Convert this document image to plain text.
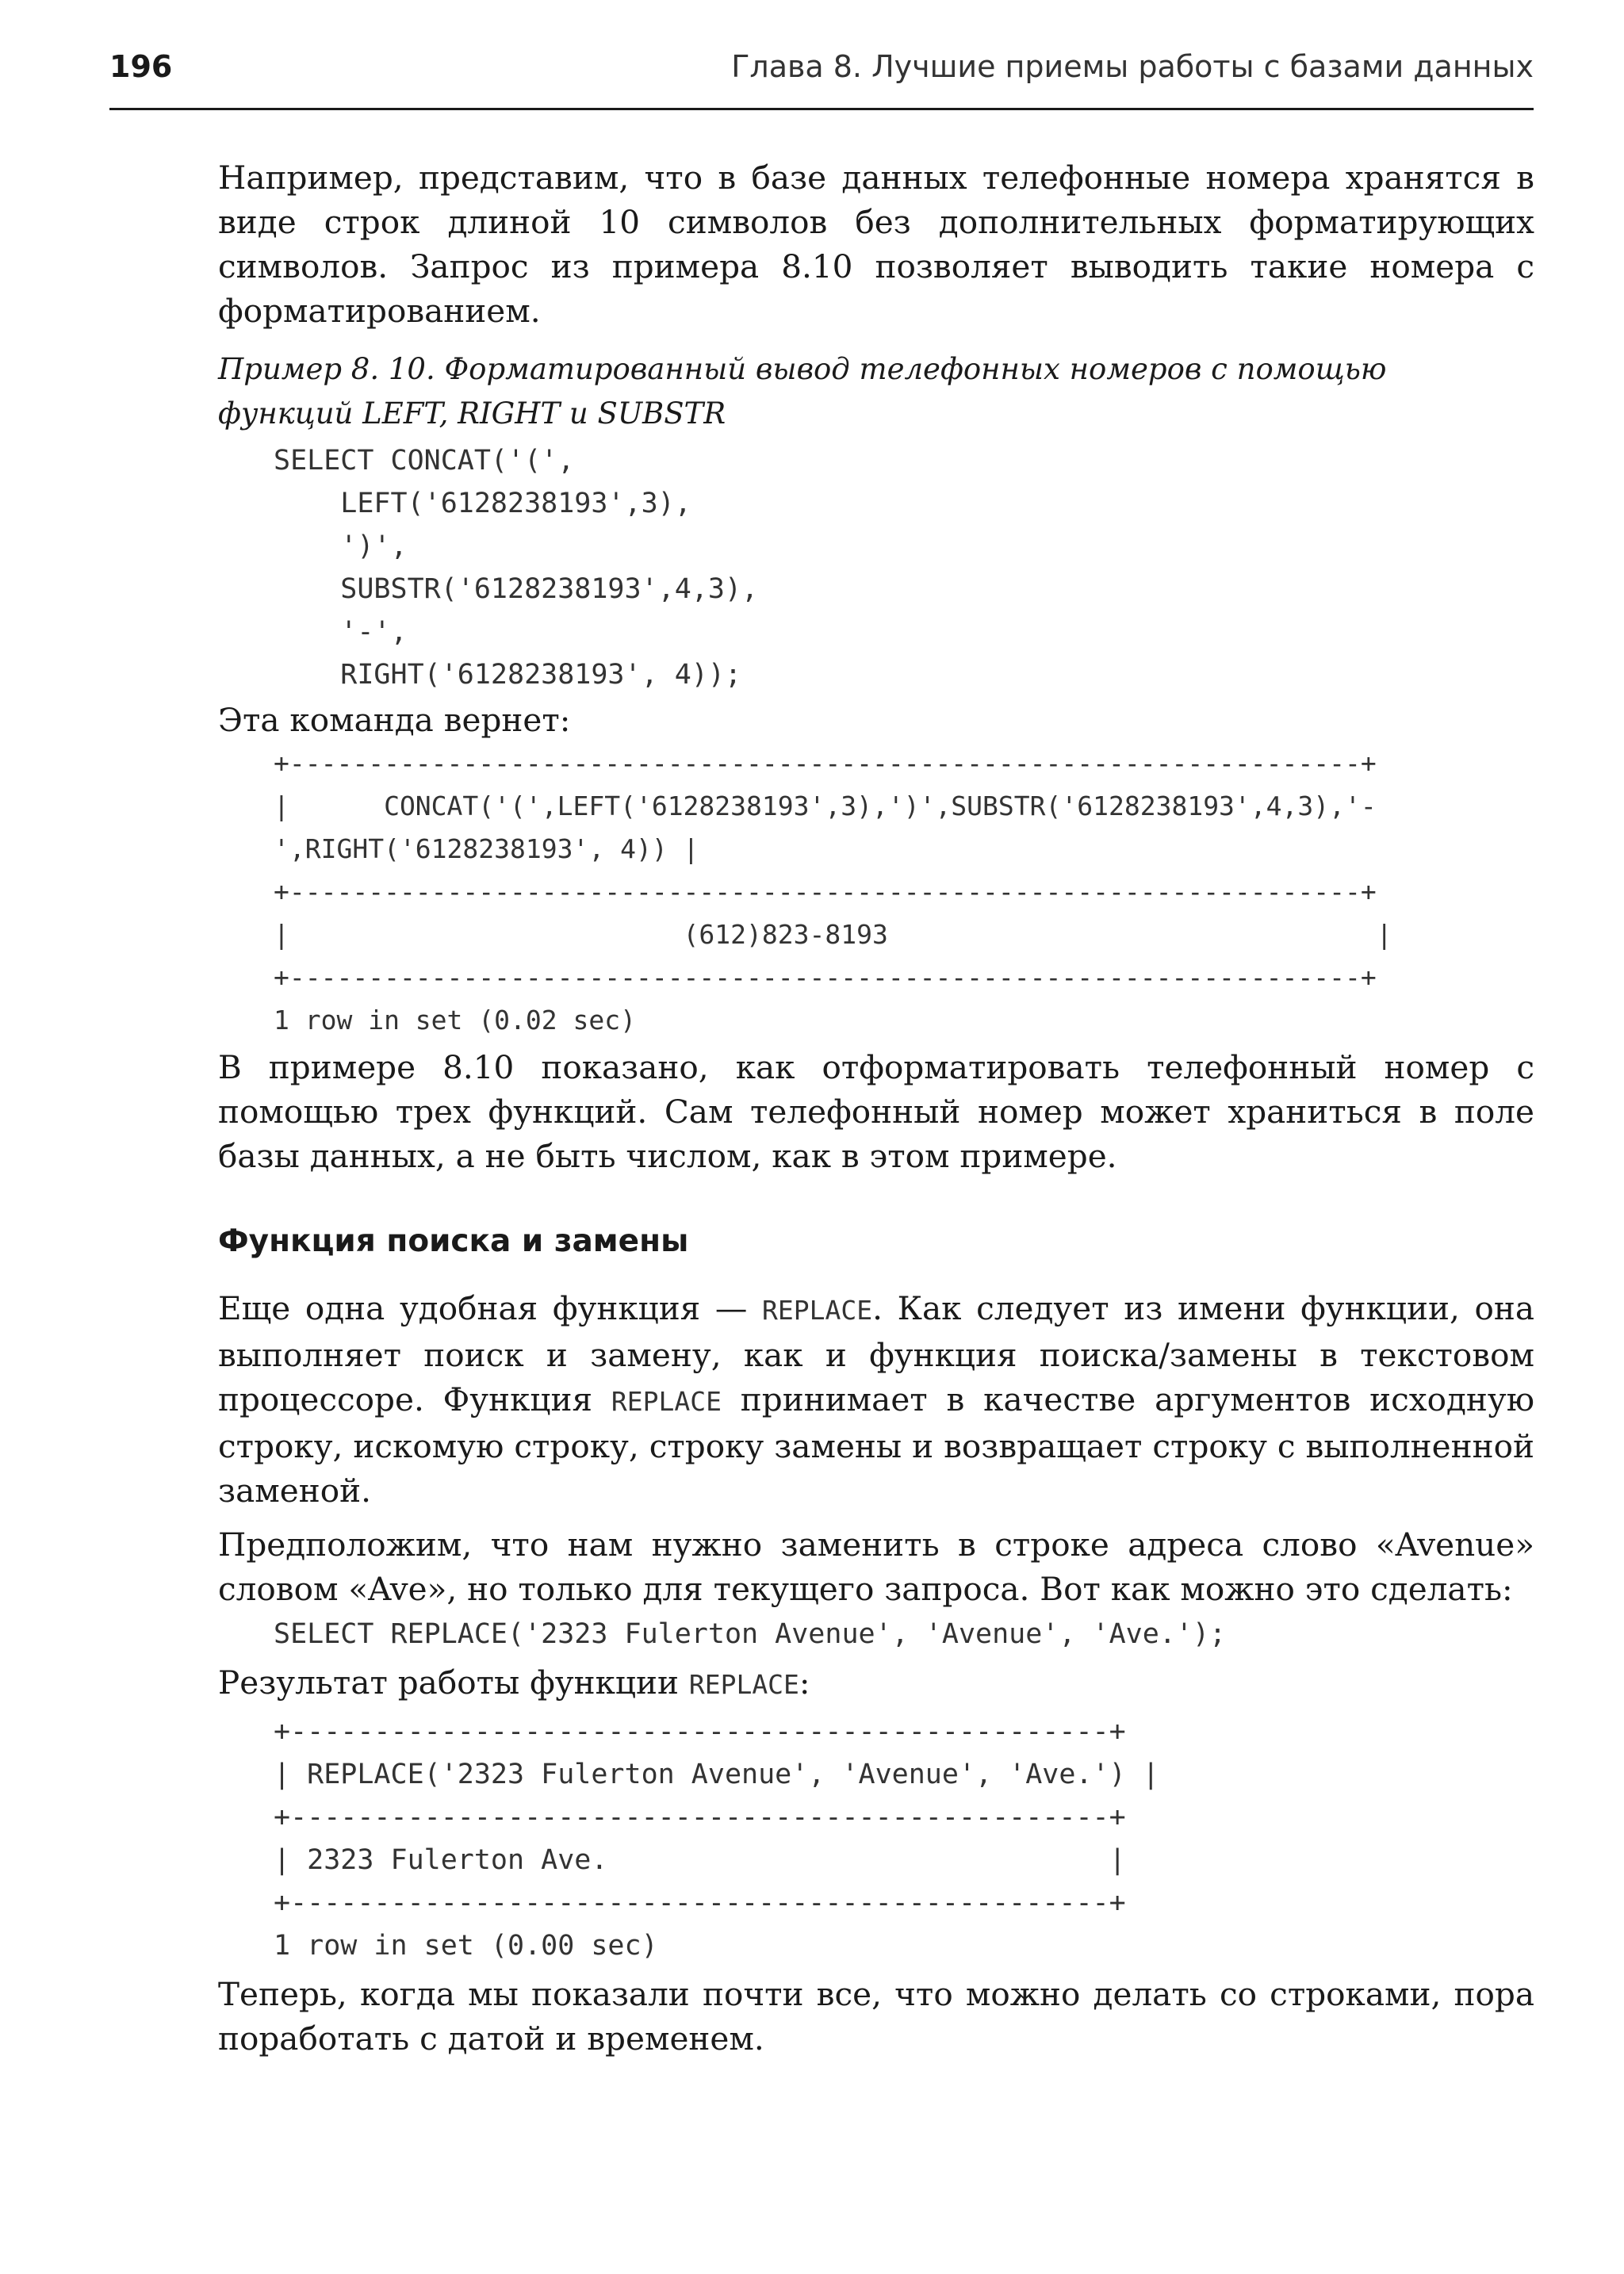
196	Глава 8. Лучшие приемы работы с базами данных

Например, представим, что в базе данных телефонные номера хранятся в виде строк длиной 10 символов без дополнительных форматирующих символов. Запрос из примера 8.10 позволяет выводить такие номера с форматированием.

Пример 8. 10. Форматированный вывод телефонных номеров с помощью

функций LEFT, RIGHT и SUBSTR

SELECT CONCAT('(',
LEFT('6128238193',3),
')',
SUBSTR('6128238193',4,3),
'-',
RIGHT('6128238193', 4));

Эта команда вернет:

+--------------------------------------------------------------------+
|      CONCAT('(',LEFT('6128238193',3),')',SUBSTR('6128238193',4,3),'-
',RIGHT('6128238193', 4)) |
+--------------------------------------------------------------------+
|                         (612)823-8193                               |
+--------------------------------------------------------------------+
1 row in set (0.02 sec)

В примере 8.10 показано, как отформатировать телефонный номер с помощью трех функций. Сам телефонный номер может храниться в поле базы данных, а не быть числом, как в этом примере.

Функция поиска и замены

Еще одна удобная функция — REPLACE. Как следует из имени функции, она выполняет поиск и замену, как и функция поиска/замены в текстовом процессоре. Функция REPLACE принимает в качестве аргументов исходную строку, искомую строку, строку замены и возвращает строку с выполненной заменой.

Предположим, что нам нужно заменить в строке адреса слово «Avenue» словом «Ave», но только для текущего запроса. Вот как можно это сделать:

SELECT REPLACE('2323 Fulerton Avenue', 'Avenue', 'Ave.');

Результат работы функции REPLACE:

+-------------------------------------------------+
| REPLACE('2323 Fulerton Avenue', 'Avenue', 'Ave.') |
+-------------------------------------------------+
| 2323 Fulerton Ave.                              |
+-------------------------------------------------+
1 row in set (0.00 sec)

Теперь, когда мы показали почти все, что можно делать со строками, пора поработать с датой и временем.
